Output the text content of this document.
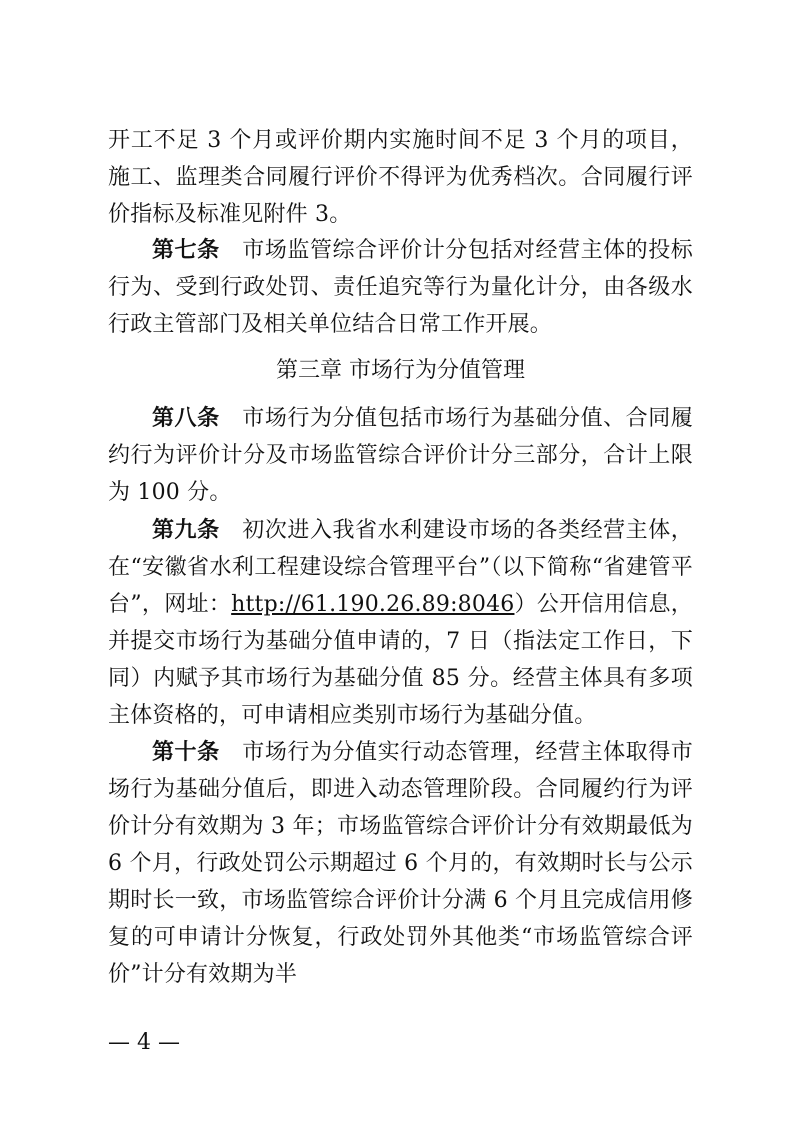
开工不足 3 个月或评价期内实施时间不足 3 个月的项目，施工、监理类合同履行评价不得评为优秀档次。合同履行评价指标及标准见附件 3。

第七条 市场监管综合评价计分包括对经营主体的投标行为、受到行政处罚、责任追究等行为量化计分，由各级水行政主管部门及相关单位结合日常工作开展。

第三章 市场行为分值管理

第八条 市场行为分值包括市场行为基础分值、合同履约行为评价计分及市场监管综合评价计分三部分，合计上限为 100 分。

第九条 初次进入我省水利建设市场的各类经营主体，在“安徽省水利工程建设综合管理平台”（以下简称“省建管平台”，网址：http://61.190.26.89:8046）公开信用信息，并提交市场行为基础分值申请的，7 日（指法定工作日，下同）内赋予其市场行为基础分值 85 分。经营主体具有多项主体资格的，可申请相应类别市场行为基础分值。

第十条 市场行为分值实行动态管理，经营主体取得市场行为基础分值后，即进入动态管理阶段。合同履约行为评价计分有效期为 3 年；市场监管综合评价计分有效期最低为 6 个月，行政处罚公示期超过 6 个月的，有效期时长与公示期时长一致，市场监管综合评价计分满 6 个月且完成信用修复的可申请计分恢复，行政处罚外其他类“市场监管综合评价”计分有效期为半

— 4 —
